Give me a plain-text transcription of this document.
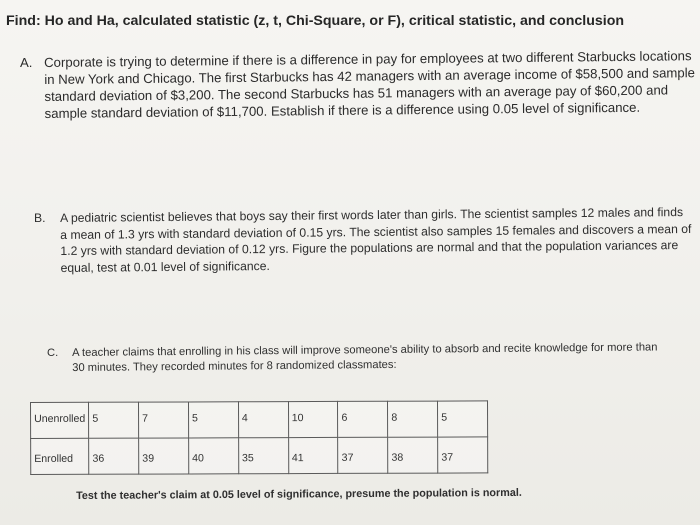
Find: Ho and Ha, calculated statistic (z, t, Chi-Square, or F), critical statistic, and conclusion
A. Corporate is trying to determine if there is a difference in pay for employees at two different Starbucks locations in New York and Chicago. The first Starbucks has 42 managers with an average income of $58,500 and sample standard deviation of $3,200. The second Starbucks has 51 managers with an average pay of $60,200 and sample standard deviation of $11,700. Establish if there is a difference using 0.05 level of significance.
B. A pediatric scientist believes that boys say their first words later than girls. The scientist samples 12 males and finds a mean of 1.3 yrs with standard deviation of 0.15 yrs. The scientist also samples 15 females and discovers a mean of 1.2 yrs with standard deviation of 0.12 yrs. Figure the populations are normal and that the population variances are equal, test at 0.01 level of significance.
C. A teacher claims that enrolling in his class will improve someone's ability to absorb and recite knowledge for more than 30 minutes. They recorded minutes for 8 randomized classmates:
Unenrolled	5	7	5	4	10	6	8	5
Enrolled	36	39	40	35	41	37	38	37
Test the teacher's claim at 0.05 level of significance, presume the population is normal.
